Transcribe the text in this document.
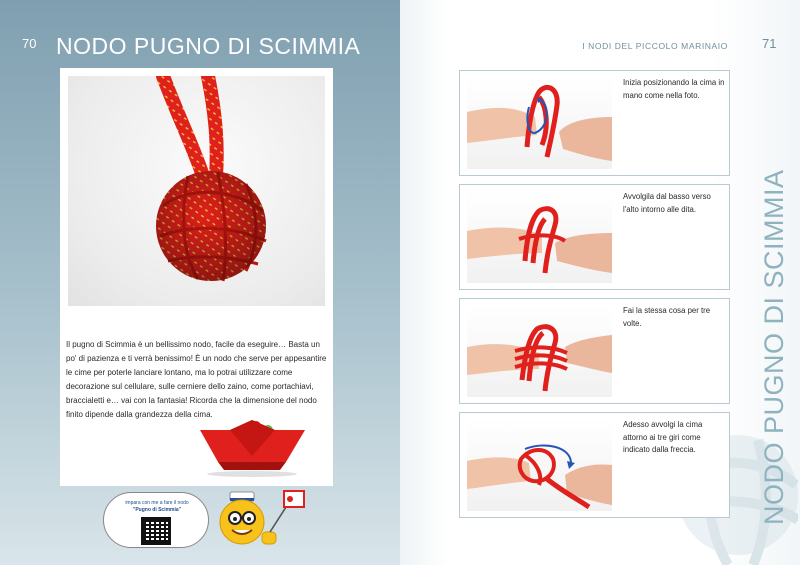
70 NODO PUGNO DI SCIMMIA
Il pugno di Scimmia è un bellissimo nodo, facile da eseguire… Basta un po' di pazienza e ti verrà benissimo! È un nodo che serve per appesantire le cime per poterle lanciare lontano, ma lo potrai utilizzare come decorazione sul cellulare, sulle cerniere dello zaino, come portachiavi, braccialetti e… vai con la fantasia! Ricorda che la dimensione del nodo finito dipende dalla grandezza della cima.
impara con me a fare il nodo
"Pugno di Scimmia"
I NODI DEL PICCOLO MARINAIO	71
NODO PUGNO DI SCIMMIA
Inizia posizionando la cima in mano come nella foto.
Avvolgila dal basso verso l'alto intorno alle dita.
Fai la stessa cosa per tre volte.
Adesso avvolgi la cima attorno ai tre giri come indicato dalla freccia.
